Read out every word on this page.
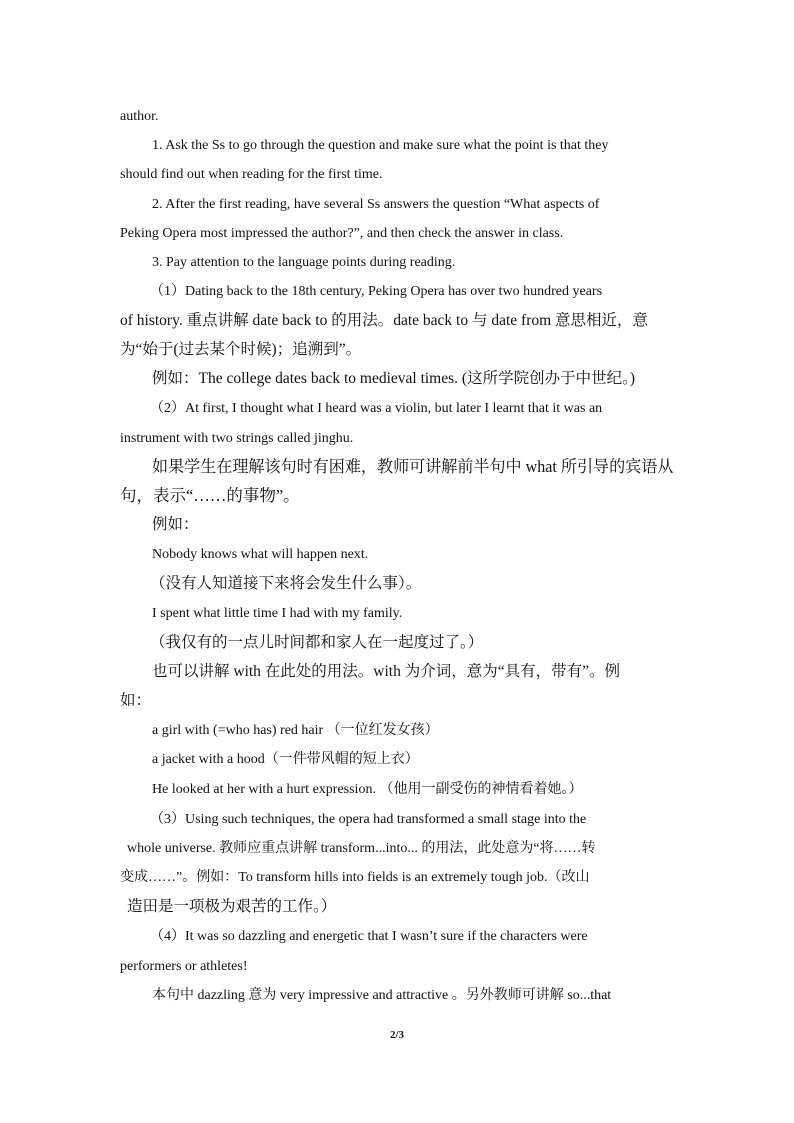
author.
1. Ask the Ss to go through the question and make sure what the point is that they
should find out when reading for the first time.
2. After the first reading, have several Ss answers the question “What aspects of
Peking Opera most impressed the author?”, and then check the answer in class.
3. Pay attention to the language points during reading.
（1）Dating back to the 18th century, Peking Opera has over two hundred years
of history. 重点讲解 date back to 的用法。date back to 与 date from 意思相近，意
为“始于(过去某个时候)；追溯到”。
例如：The college dates back to medieval times. (这所学院创办于中世纪。)
（2）At first, I thought what I heard was a violin, but later I learnt that it was an
instrument with two strings called jinghu.
如果学生在理解该句时有困难，教师可讲解前半句中 what 所引导的宾语从
句，表示“……的事物”。
例如：
Nobody knows what will happen next.
（没有人知道接下来将会发生什么事）。
I spent what little time I had with my family.
（我仅有的一点儿时间都和家人在一起度过了。）
也可以讲解 with 在此处的用法。with 为介词，意为“具有，带有”。例
如：
a girl with (=who has) red hair （一位红发女孩）
a jacket with a hood（一件带风帽的短上衣）
He looked at her with a hurt expression. （他用一副受伤的神情看着她。）
（3）Using such techniques, the opera had transformed a small stage into the
whole universe. 教师应重点讲解 transform...into... 的用法，此处意为“将……转
变成……”。例如：To transform hills into fields is an extremely tough job.（改山
造田是一项极为艰苦的工作。）
（4）It was so dazzling and energetic that I wasn’t sure if the characters were
performers or athletes!
本句中 dazzling 意为 very impressive and attractive 。另外教师可讲解 so...that
2/3
